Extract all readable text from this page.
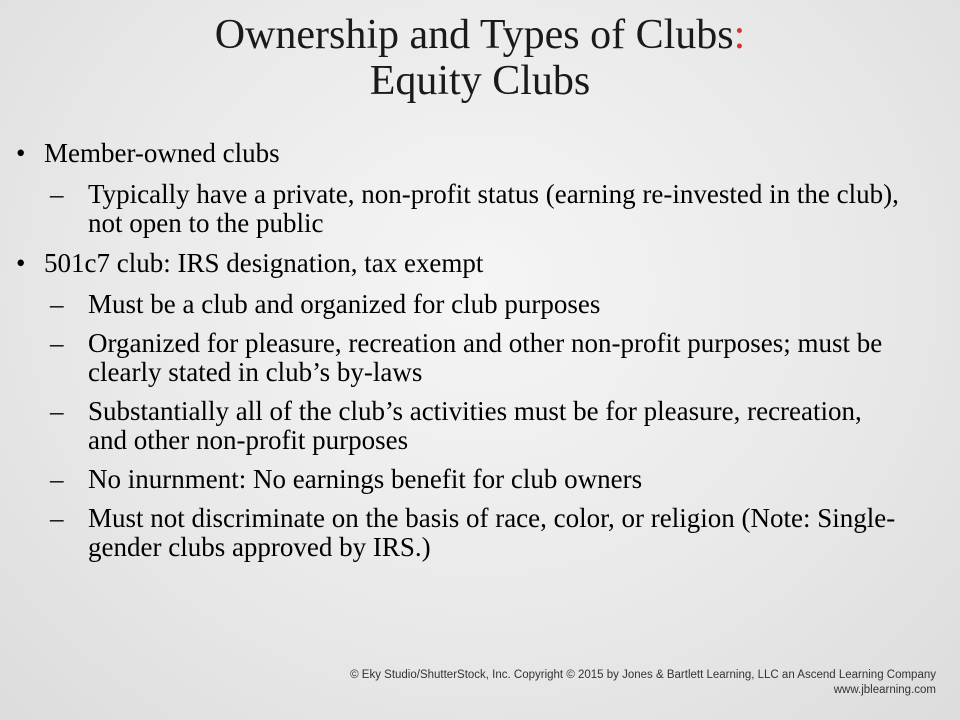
Ownership and Types of Clubs:
Equity Clubs
• Member-owned clubs
– Typically have a private, non-profit status (earning re-invested in the club), not open to the public
• 501c7 club: IRS designation, tax exempt
– Must be a club and organized for club purposes
– Organized for pleasure, recreation and other non-profit purposes; must be clearly stated in club’s by-laws
– Substantially all of the club’s activities must be for pleasure, recreation, and other non-profit purposes
– No inurnment: No earnings benefit for club owners
– Must not discriminate on the basis of race, color, or religion (Note: Single-gender clubs approved by IRS.)
© Eky Studio/ShutterStock, Inc. Copyright © 2015 by Jones & Bartlett Learning, LLC an Ascend Learning Company
www.jblearning.com
